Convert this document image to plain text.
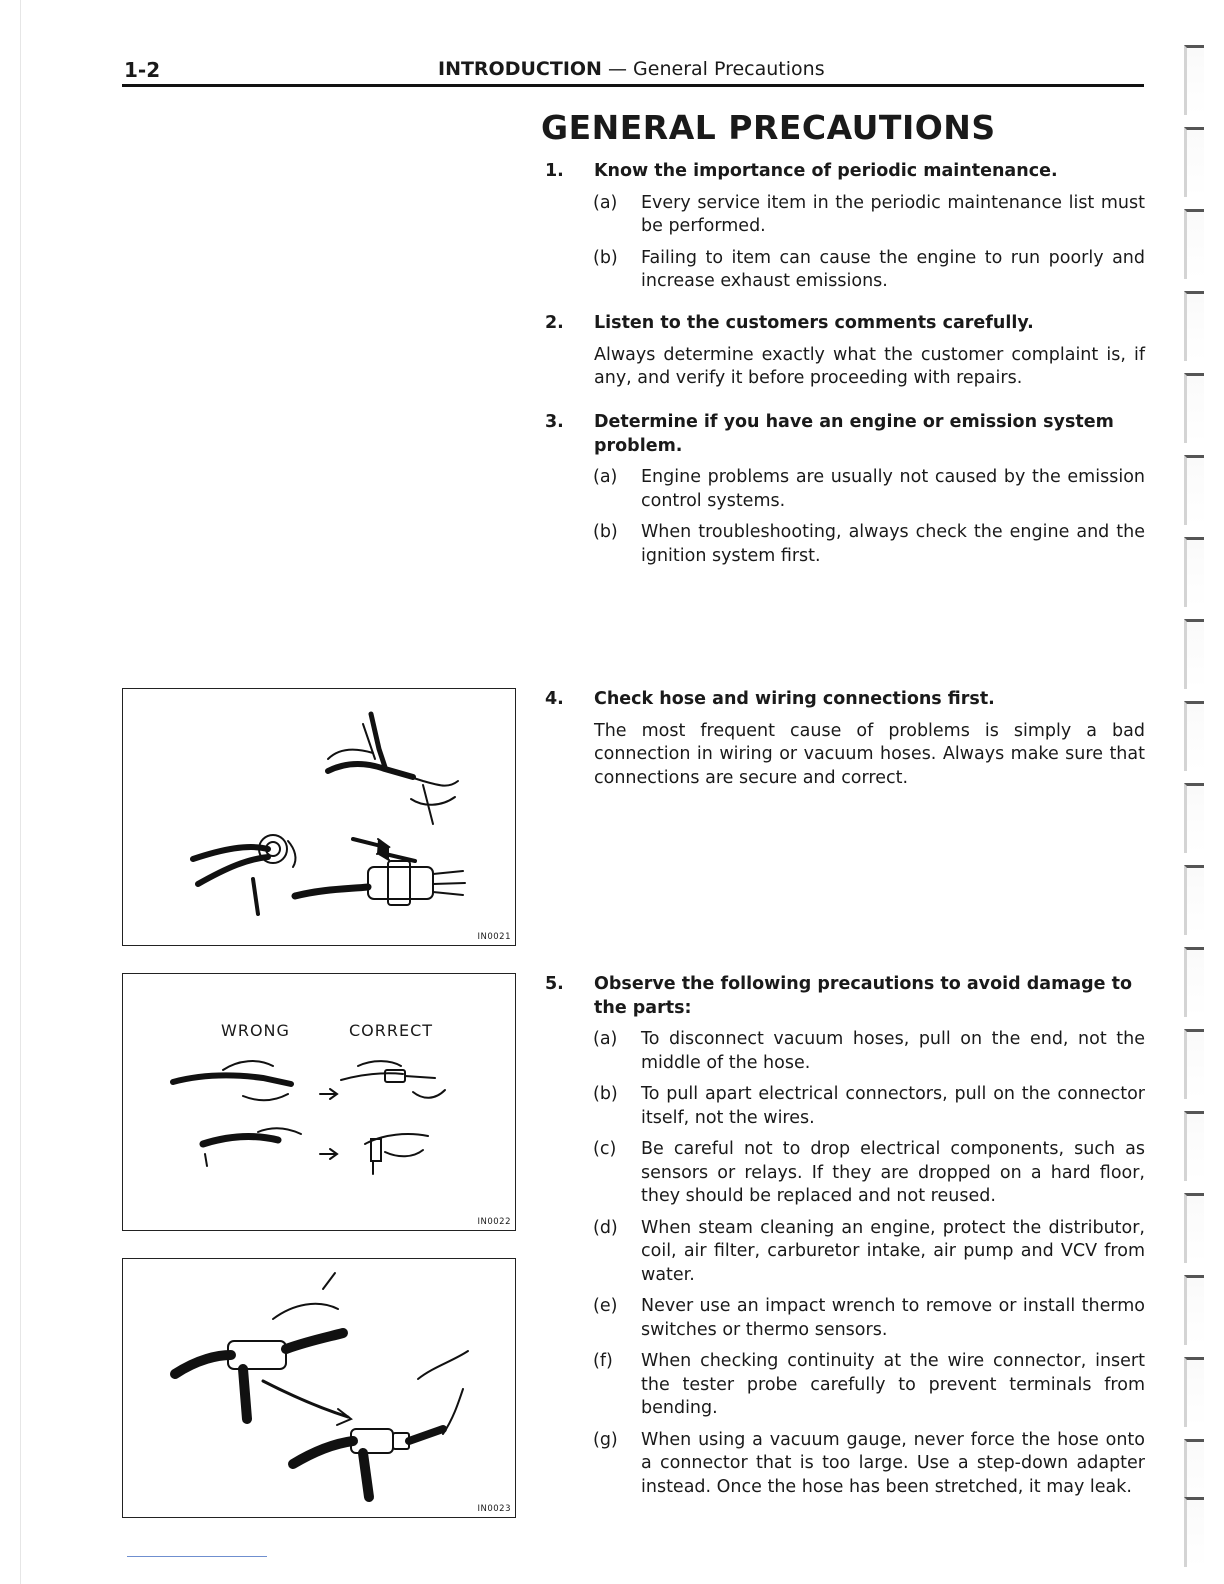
1-2	INTRODUCTION — General Precautions
GENERAL PRECAUTIONS
1. Know the importance of periodic maintenance.
(a) Every service item in the periodic maintenance list must be performed.
(b) Failing to item can cause the engine to run poorly and increase exhaust emissions.
2. Listen to the customers comments carefully.
Always determine exactly what the customer complaint is, if any, and verify it before proceeding with repairs.
3. Determine if you have an engine or emission system problem.
(a) Engine problems are usually not caused by the emission control systems.
(b) When troubleshooting, always check the engine and the ignition system first.
4. Check hose and wiring connections first.
The most frequent cause of problems is simply a bad connection in wiring or vacuum hoses. Always make sure that connections are secure and correct.
5. Observe the following precautions to avoid damage to the parts:
(a) To disconnect vacuum hoses, pull on the end, not the middle of the hose.
(b) To pull apart electrical connectors, pull on the connector itself, not the wires.
(c) Be careful not to drop electrical components, such as sensors or relays. If they are dropped on a hard floor, they should be replaced and not reused.
(d) When steam cleaning an engine, protect the distributor, coil, air filter, carburetor intake, air pump and VCV from water.
(e) Never use an impact wrench to remove or install thermo switches or thermo sensors.
(f) When checking continuity at the wire connector, insert the tester probe carefully to prevent terminals from bending.
(g) When using a vacuum gauge, never force the hose onto a connector that is too large. Use a step-down adapter instead. Once the hose has been stretched, it may leak.
IN0021
WRONG	CORRECT
IN0022
IN0023
